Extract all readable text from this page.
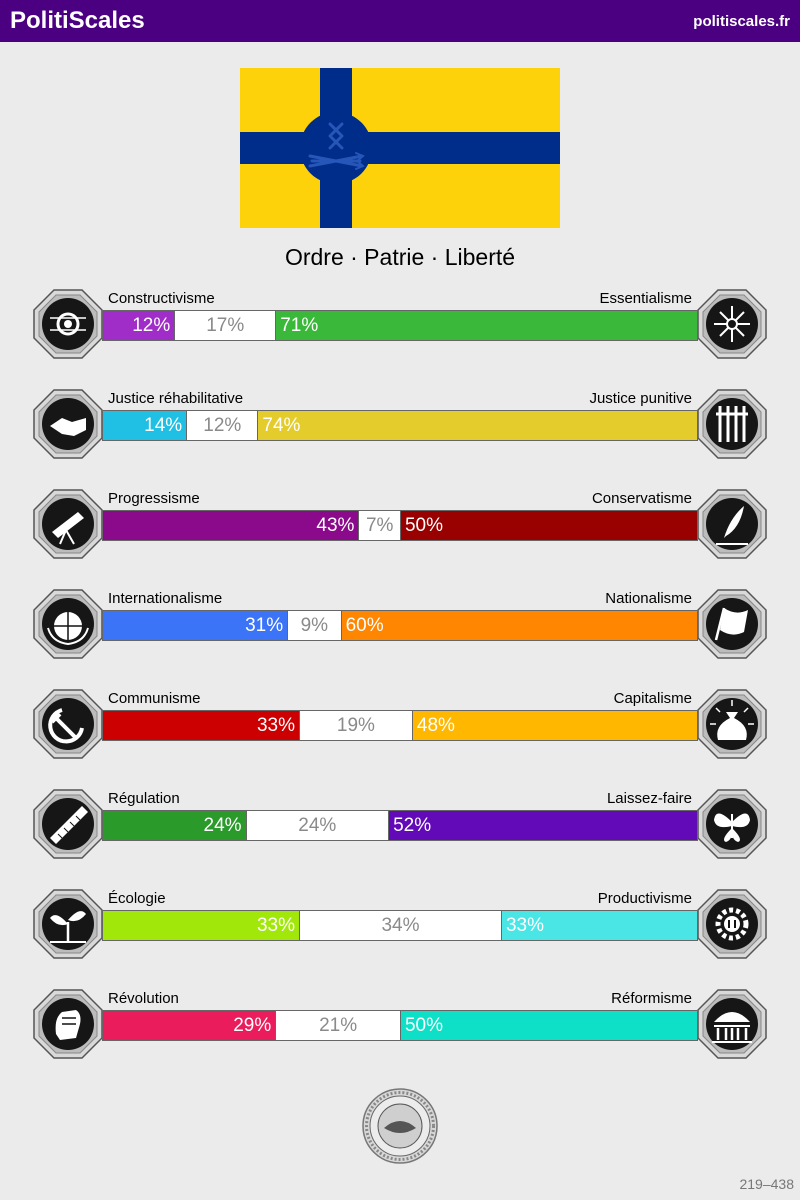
PolitiScales	politiscales.fr
Ordre · Patrie · Liberté
Constructivisme	Essentialisme
12%	17%	71%
Justice réhabilitative	Justice punitive
14%	12%	74%
Progressisme	Conservatisme
43% 7% 50%
Internationalisme	Nationalisme
31% 9% 60%
Communisme	Capitalisme
33%	19%	48%
Régulation	Laissez-faire
24%	24%	52%
Écologie	Productivisme
33%	34%	33%
Révolution	Réformisme
29%	21%	50%
219–438
